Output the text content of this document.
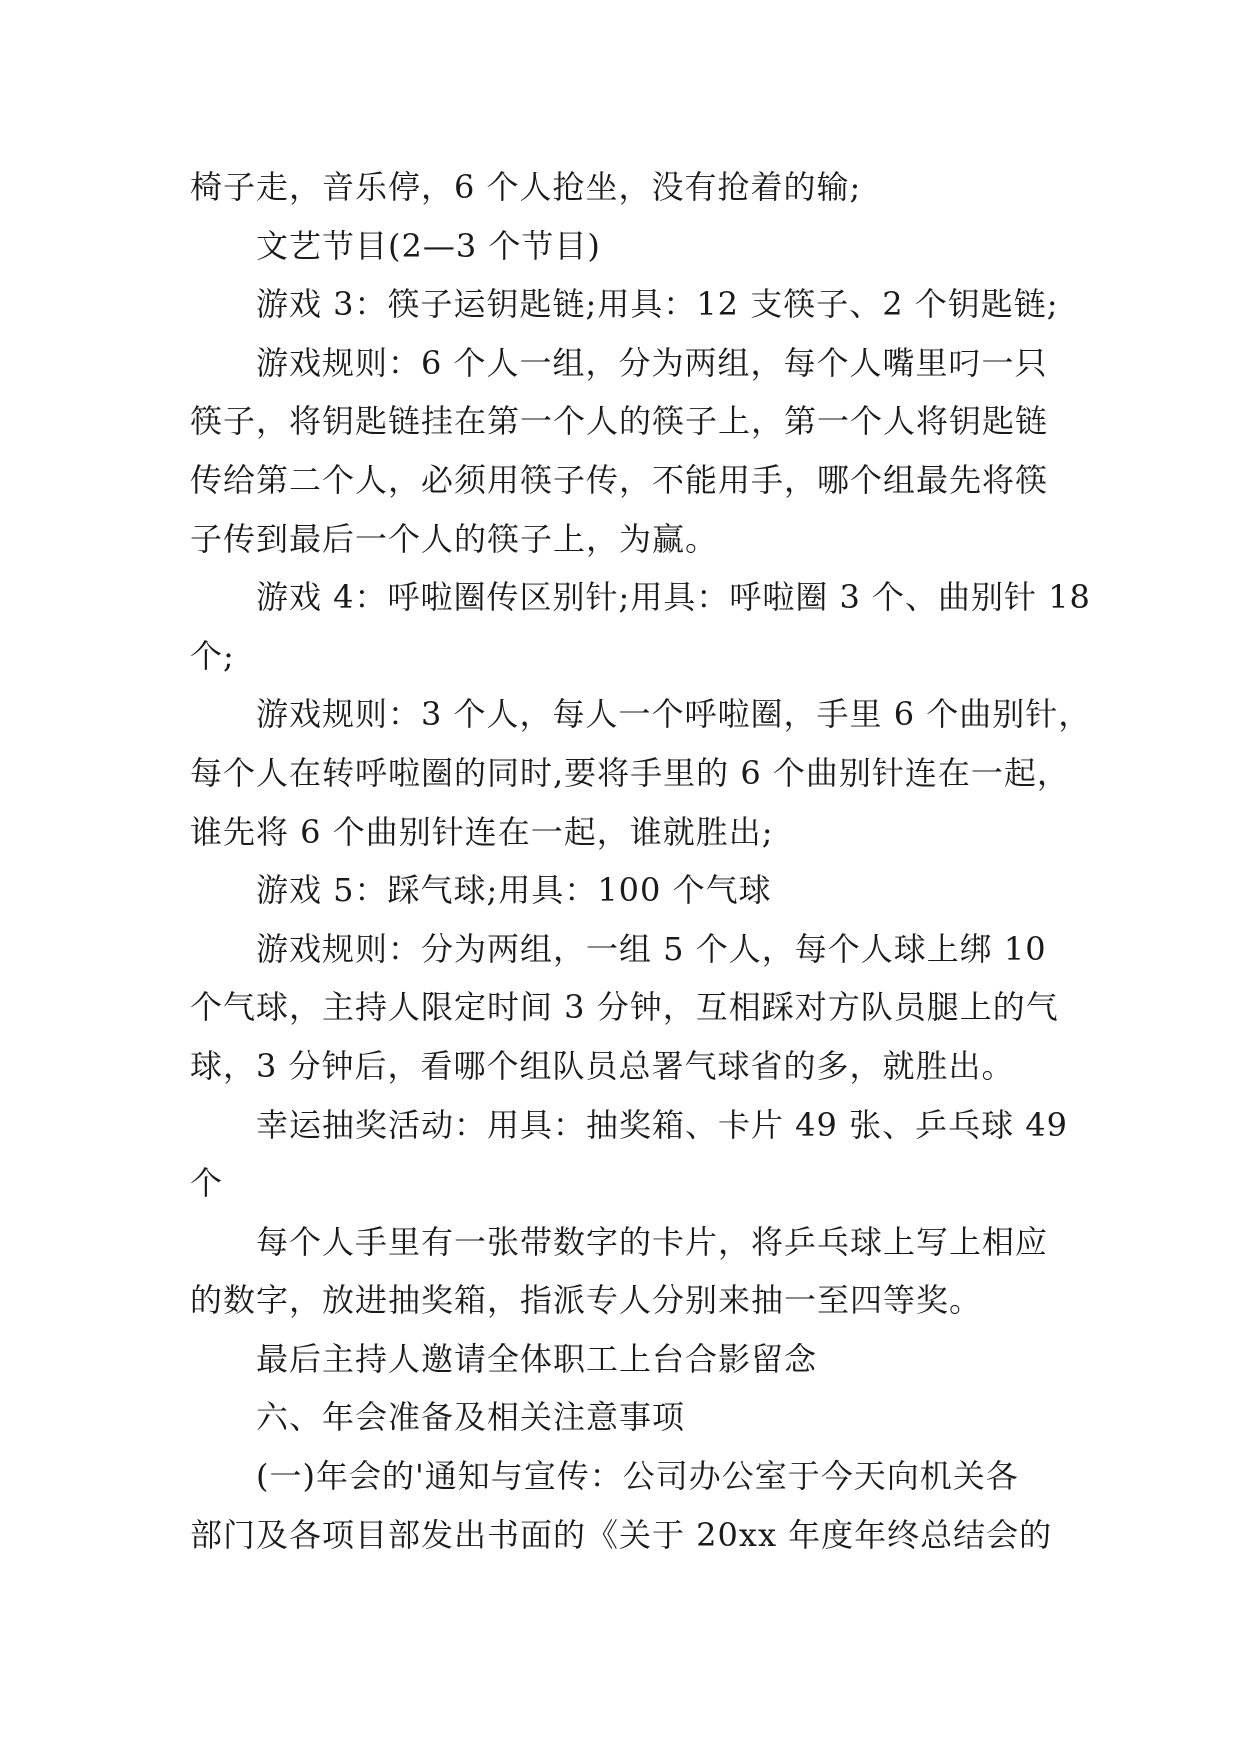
椅子走，音乐停，6 个人抢坐，没有抢着的输;
文艺节目(2—3 个节目)
游戏 3：筷子运钥匙链;用具：12 支筷子、2 个钥匙链;
游戏规则：6 个人一组，分为两组，每个人嘴里叼一只
筷子，将钥匙链挂在第一个人的筷子上，第一个人将钥匙链
传给第二个人，必须用筷子传，不能用手，哪个组最先将筷
子传到最后一个人的筷子上，为赢。
游戏 4：呼啦圈传区别针;用具：呼啦圈 3 个、曲别针 18
个;
游戏规则：3 个人，每人一个呼啦圈，手里 6 个曲别针，
每个人在转呼啦圈的同时,要将手里的 6 个曲别针连在一起，
谁先将 6 个曲别针连在一起，谁就胜出;
游戏 5：踩气球;用具：100 个气球
游戏规则：分为两组，一组 5 个人，每个人球上绑 10
个气球，主持人限定时间 3 分钟，互相踩对方队员腿上的气
球，3 分钟后，看哪个组队员总署气球省的多，就胜出。
幸运抽奖活动：用具：抽奖箱、卡片 49 张、乒乓球 49
个
每个人手里有一张带数字的卡片，将乒乓球上写上相应
的数字，放进抽奖箱，指派专人分别来抽一至四等奖。
最后主持人邀请全体职工上台合影留念
六、年会准备及相关注意事项
(一)年会的'通知与宣传：公司办公室于今天向机关各
部门及各项目部发出书面的《关于 20xx 年度年终总结会的
